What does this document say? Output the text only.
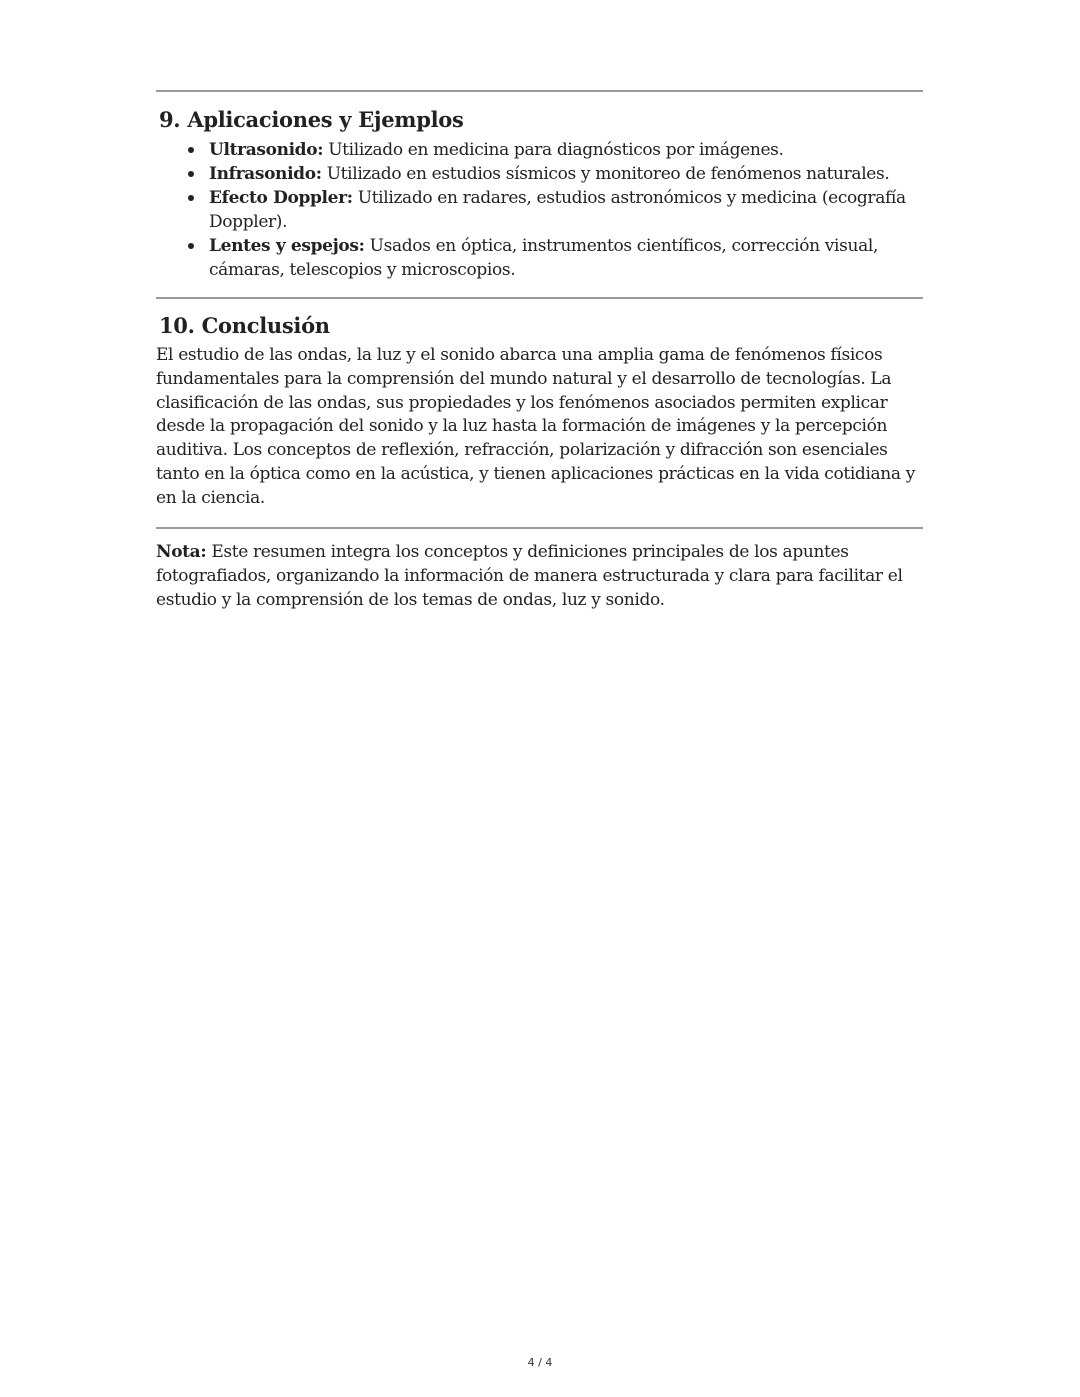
9. Aplicaciones y Ejemplos
Ultrasonido: Utilizado en medicina para diagnósticos por imágenes.
Infrasonido: Utilizado en estudios sísmicos y monitoreo de fenómenos naturales.
Efecto Doppler: Utilizado en radares, estudios astronómicos y medicina (ecografía Doppler).
Lentes y espejos: Usados en óptica, instrumentos científicos, corrección visual, cámaras, telescopios y microscopios.
10. Conclusión

El estudio de las ondas, la luz y el sonido abarca una amplia gama de fenómenos físicos fundamentales para la comprensión del mundo natural y el desarrollo de tecnologías. La clasificación de las ondas, sus propiedades y los fenómenos asociados permiten explicar desde la propagación del sonido y la luz hasta la formación de imágenes y la percepción auditiva. Los conceptos de reflexión, refracción, polarización y difracción son esenciales tanto en la óptica como en la acústica, y tienen aplicaciones prácticas en la vida cotidiana y en la ciencia.

Nota: Este resumen integra los conceptos y definiciones principales de los apuntes fotografiados, organizando la información de manera estructurada y clara para facilitar el estudio y la comprensión de los temas de ondas, luz y sonido.

4 / 4
